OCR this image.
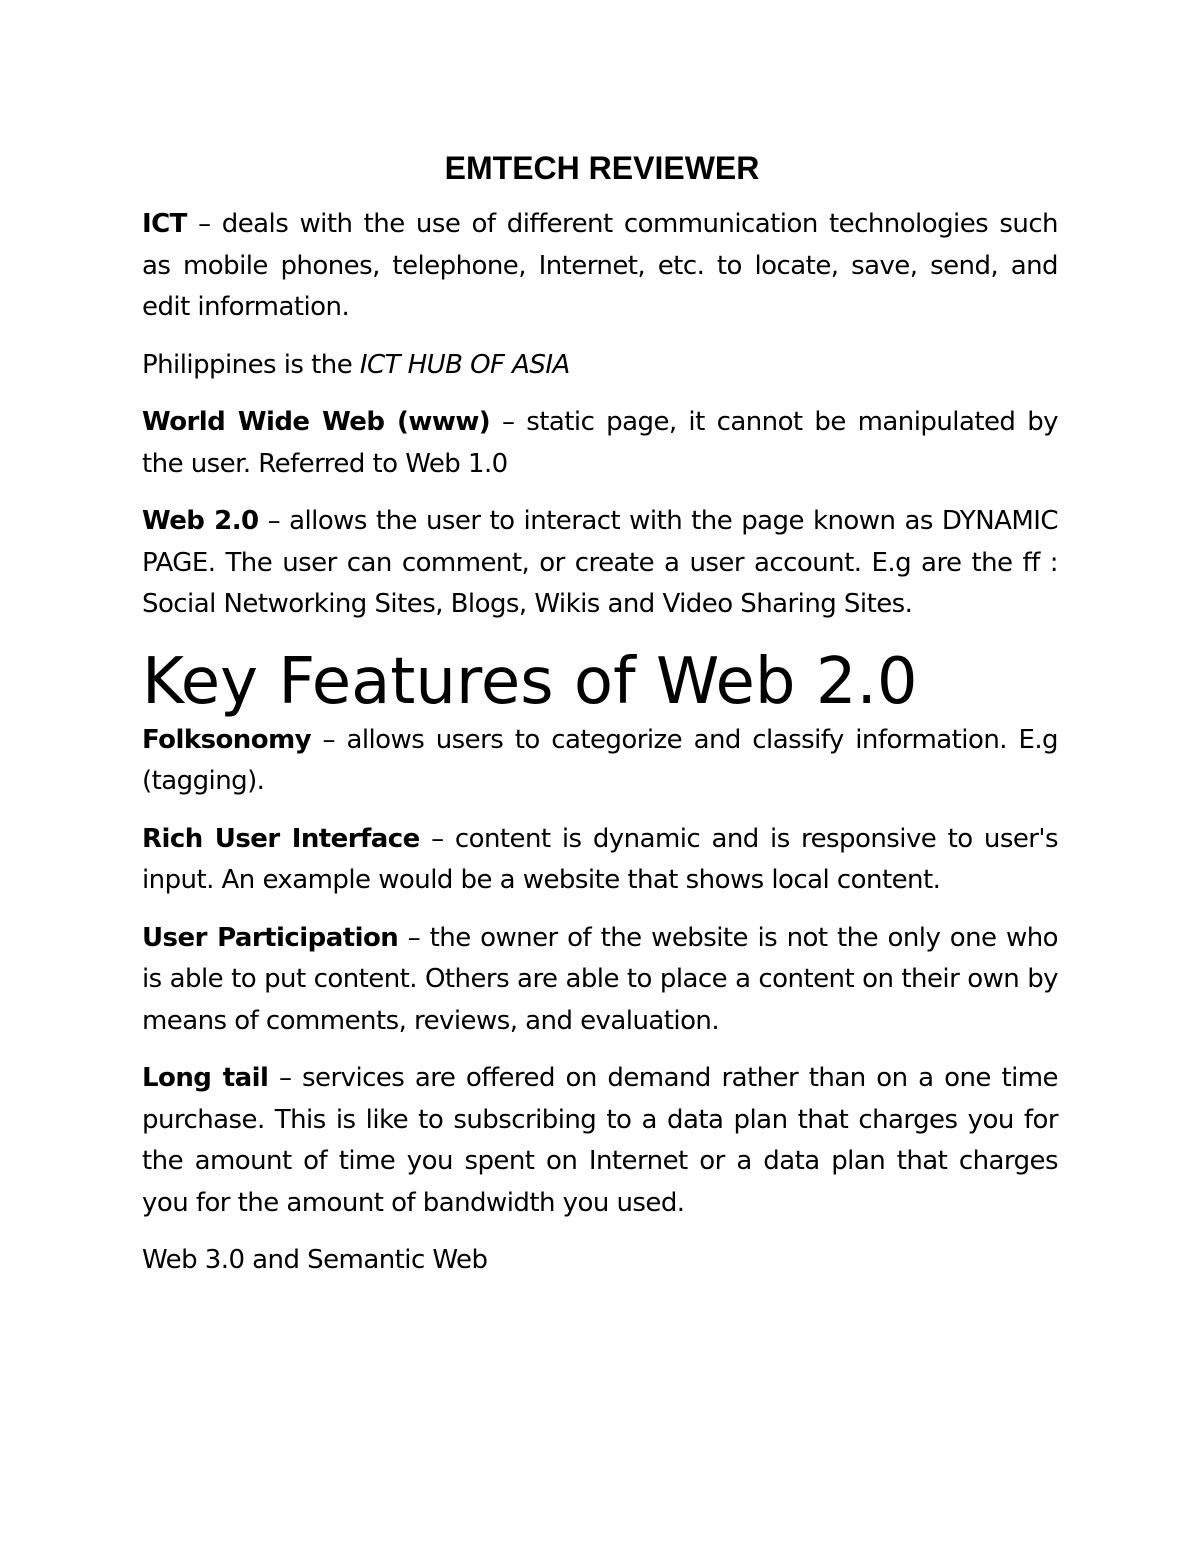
EMTECH REVIEWER

ICT – deals with the use of different communication technologies such as mobile phones, telephone, Internet, etc. to locate, save, send, and edit information.

Philippines is the ICT HUB OF ASIA

World Wide Web (www) – static page, it cannot be manipulated by the user. Referred to Web 1.0

Web 2.0 – allows the user to interact with the page known as DYNAMIC PAGE. The user can comment, or create a user account. E.g are the ff : Social Networking Sites, Blogs, Wikis and Video Sharing Sites.

Key Features of Web 2.0

Folksonomy – allows users to categorize and classify information. E.g (tagging).

Rich User Interface – content is dynamic and is responsive to user's input. An example would be a website that shows local content.

User Participation – the owner of the website is not the only one who is able to put content. Others are able to place a content on their own by means of comments, reviews, and evaluation.

Long tail – services are offered on demand rather than on a one time purchase. This is like to subscribing to a data plan that charges you for the amount of time you spent on Internet or a data plan that charges you for the amount of bandwidth you used.

Web 3.0 and Semantic Web
